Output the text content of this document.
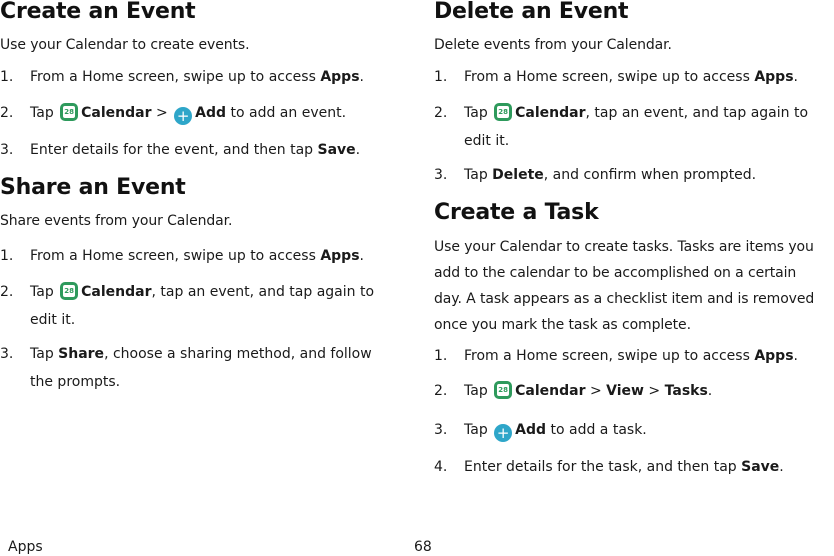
Create an Event
Use your Calendar to create events.
1.	From a Home screen, swipe up to access Apps.
2.	Tap 28 Calendar > + Add to add an event.
3.	Enter details for the event, and then tap Save.
Share an Event
Share events from your Calendar.
1.	From a Home screen, swipe up to access Apps.
2.	Tap 28 Calendar, tap an event, and tap again to
edit it.
3.	Tap Share, choose a sharing method, and follow
the prompts.
Delete an Event
Delete events from your Calendar.
1.	From a Home screen, swipe up to access Apps.
2.	Tap 28 Calendar, tap an event, and tap again to
edit it.
3.	Tap Delete, and confirm when prompted.
Create a Task
Use your Calendar to create tasks. Tasks are items you
add to the calendar to be accomplished on a certain
day. A task appears as a checklist item and is removed
once you mark the task as complete.
1.	From a Home screen, swipe up to access Apps.
2.	Tap 28 Calendar > View > Tasks.
3.	Tap + Add to add a task.
4.	Enter details for the task, and then tap Save.
Apps	68
